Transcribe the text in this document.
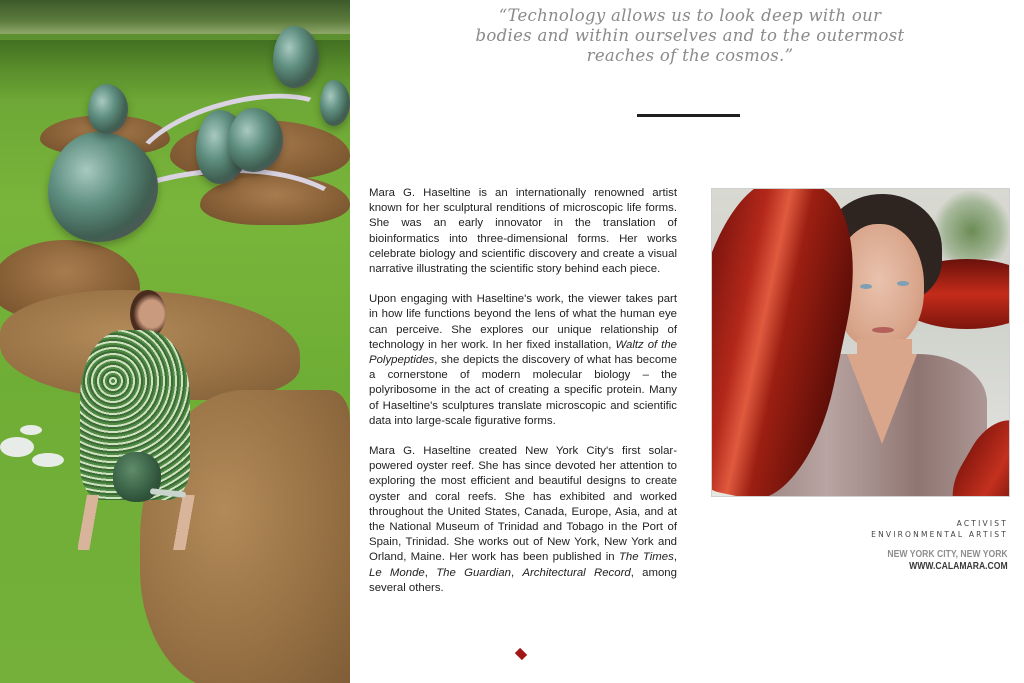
“Technology allows us to look deep with our bodies and within ourselves and to the outermost reaches of the cosmos.”

Mara G. Haseltine is an internationally renowned artist known for her sculptural renditions of microscopic life forms. She was an early innovator in the translation of bioinformatics into three-dimensional forms. Her works celebrate biology and scientific discovery and create a visual narrative illustrating the scientific story behind each piece.

Upon engaging with Haseltine's work, the viewer takes part in how life functions beyond the lens of what the human eye can perceive. She explores our unique relationship of technology in her work. In her fixed installation, Waltz of the Polypeptides, she depicts the discovery of what has become a cornerstone of modern molecular biology – the polyribosome in the act of creating a specific protein. Many of Haseltine's sculptures translate microscopic and scientific data into large-scale figurative forms.

Mara G. Haseltine created New York City's first solar-powered oyster reef. She has since devoted her attention to exploring the most efficient and beautiful designs to create oyster and coral reefs. She has exhibited and worked throughout the United States, Canada, Europe, Asia, and at the National Museum of Trinidad and Tobago in the Port of Spain, Trinidad. She works out of New York, New York and Orland, Maine. Her work has been published in The Times, Le Monde, The Guardian, Architectural Record, among several others.

ACTIVIST
ENVIRONMENTAL ARTIST
NEW YORK CITY, NEW YORK
WWW.CALAMARA.COM
